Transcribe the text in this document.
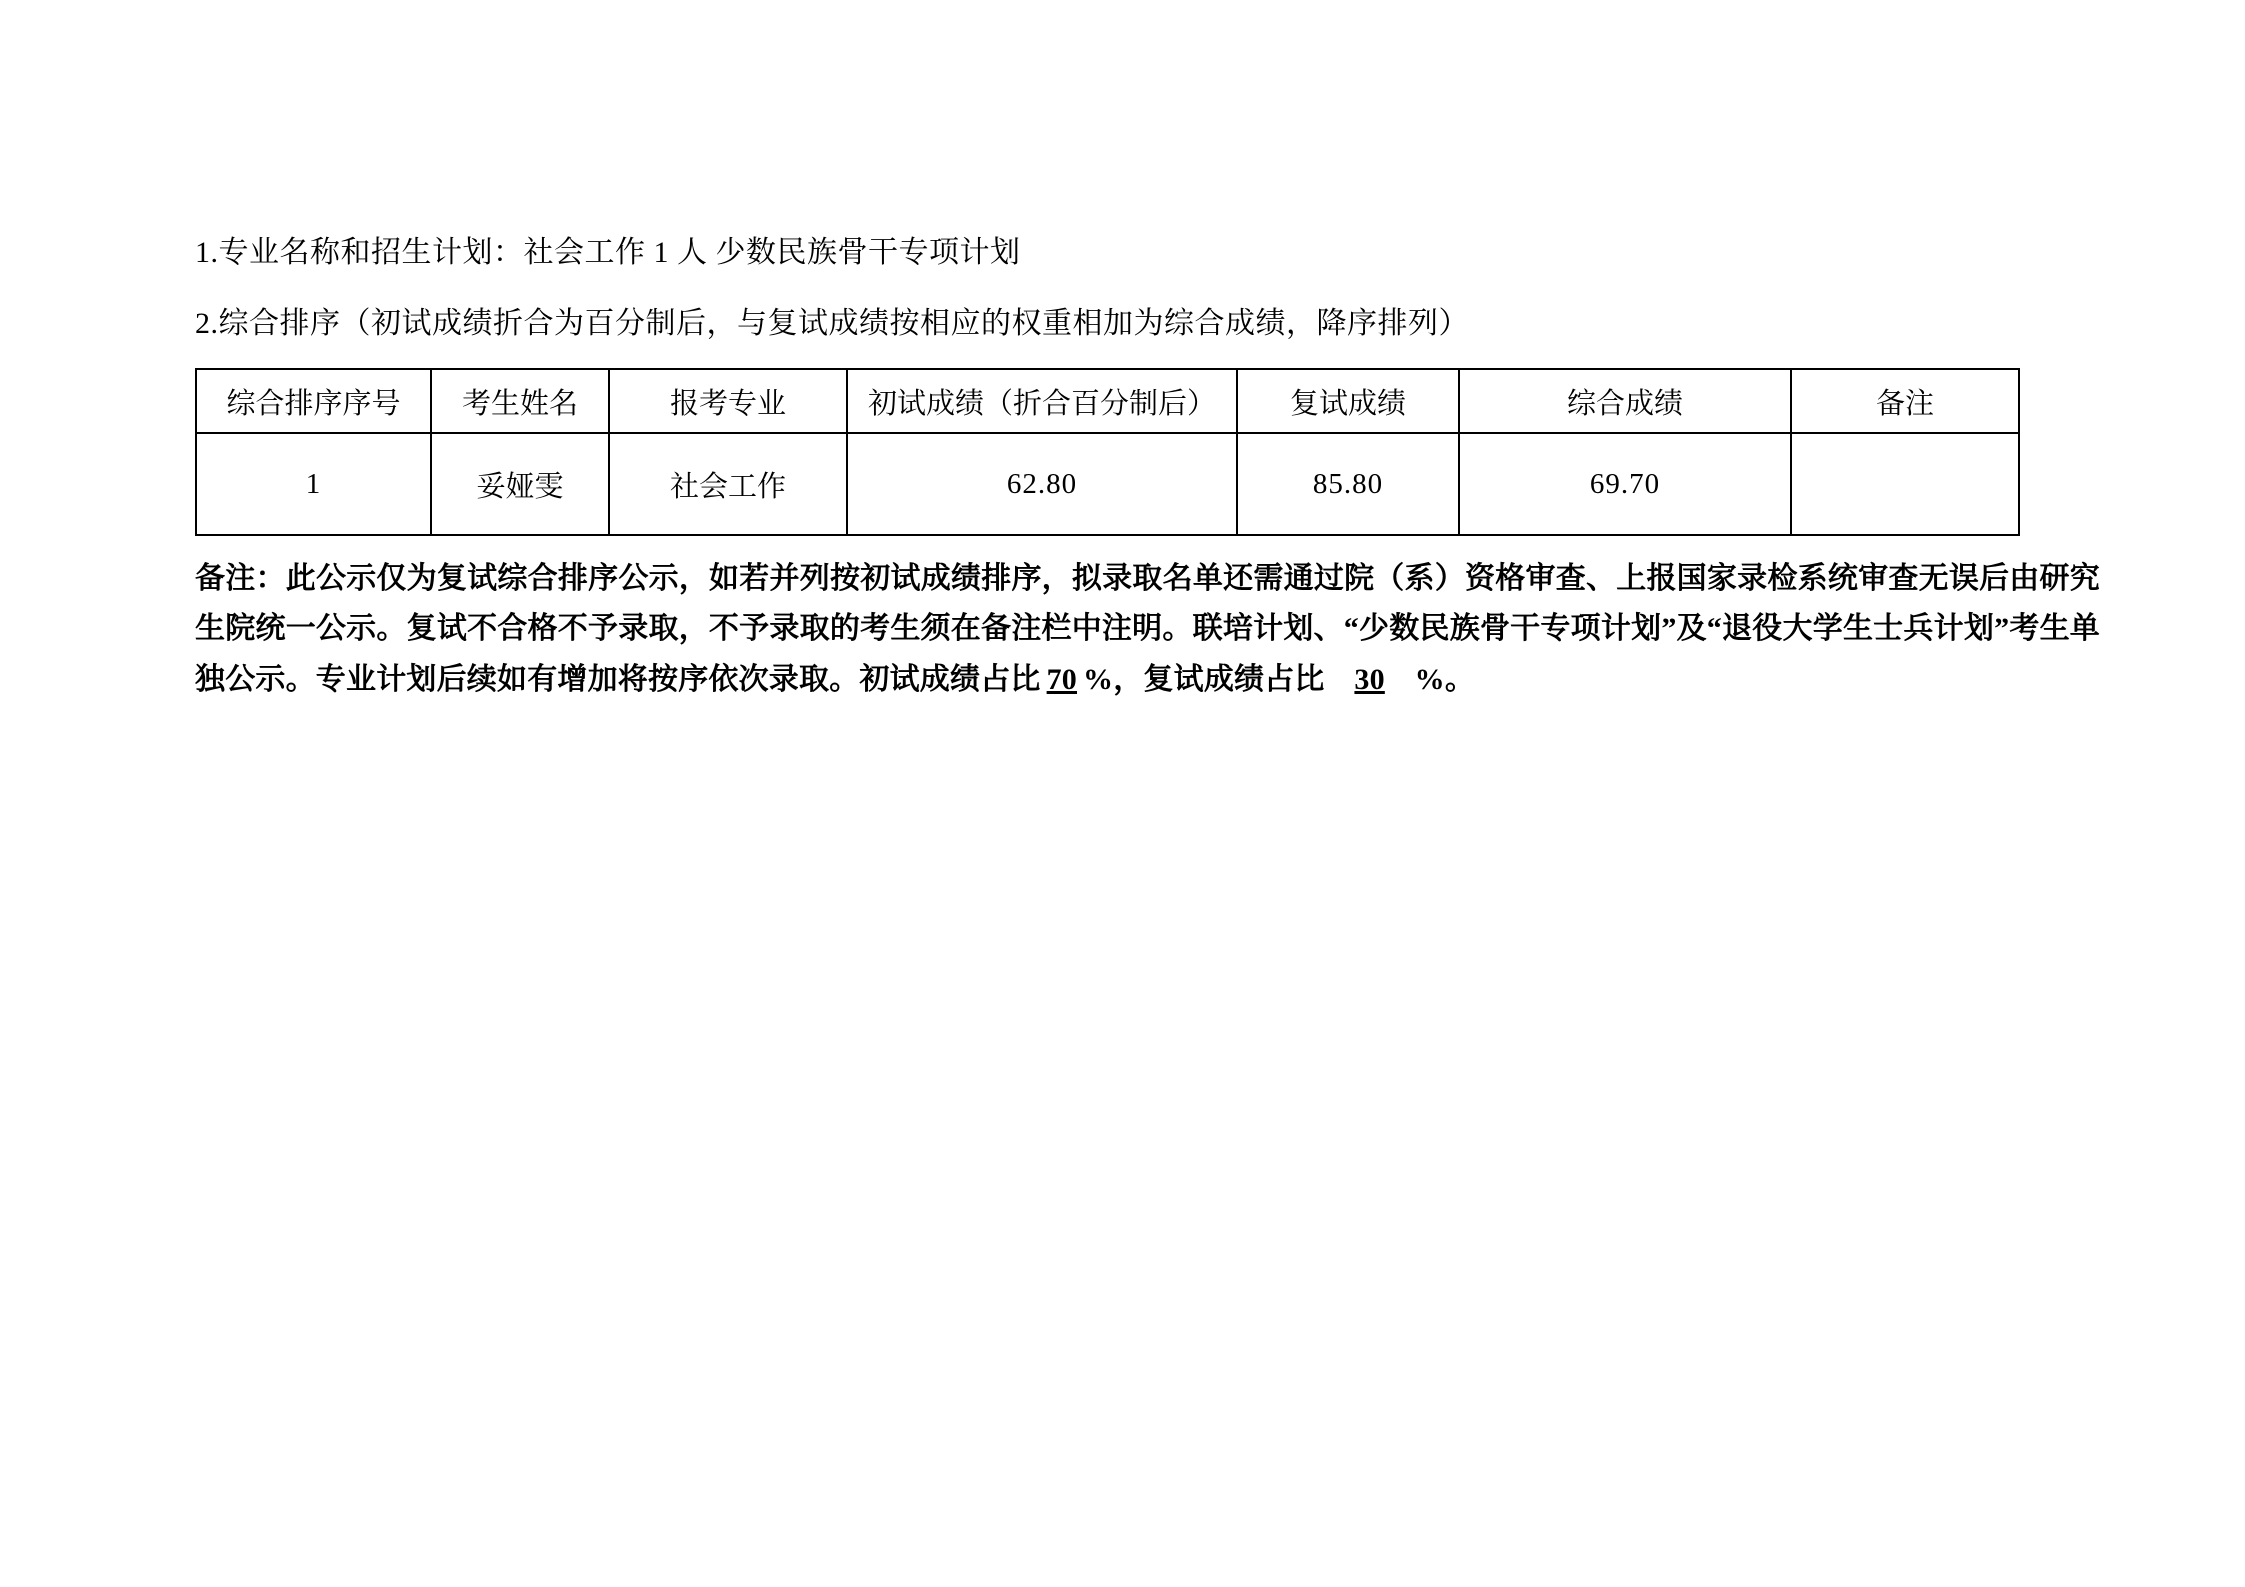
1.专业名称和招生计划：社会工作 1 人 少数民族骨干专项计划
2.综合排序（初试成绩折合为百分制后，与复试成绩按相应的权重相加为综合成绩，降序排列）
综合排序序号	考生姓名	报考专业	初试成绩（折合百分制后）	复试成绩	综合成绩	备注
1	妥娅雯	社会工作	62.80	85.80	69.70	
备注：此公示仅为复试综合排序公示，如若并列按初试成绩排序，拟录取名单还需通过院（系）资格审查、上报国家录检系统审查无误后由研究生院统一公示。复试不合格不予录取，不予录取的考生须在备注栏中注明。联培计划、“少数民族骨干专项计划”及“退役大学生士兵计划”考生单独公示。专业计划后续如有增加将按序依次录取。初试成绩占比 70 %，复试成绩占比 30 %。
